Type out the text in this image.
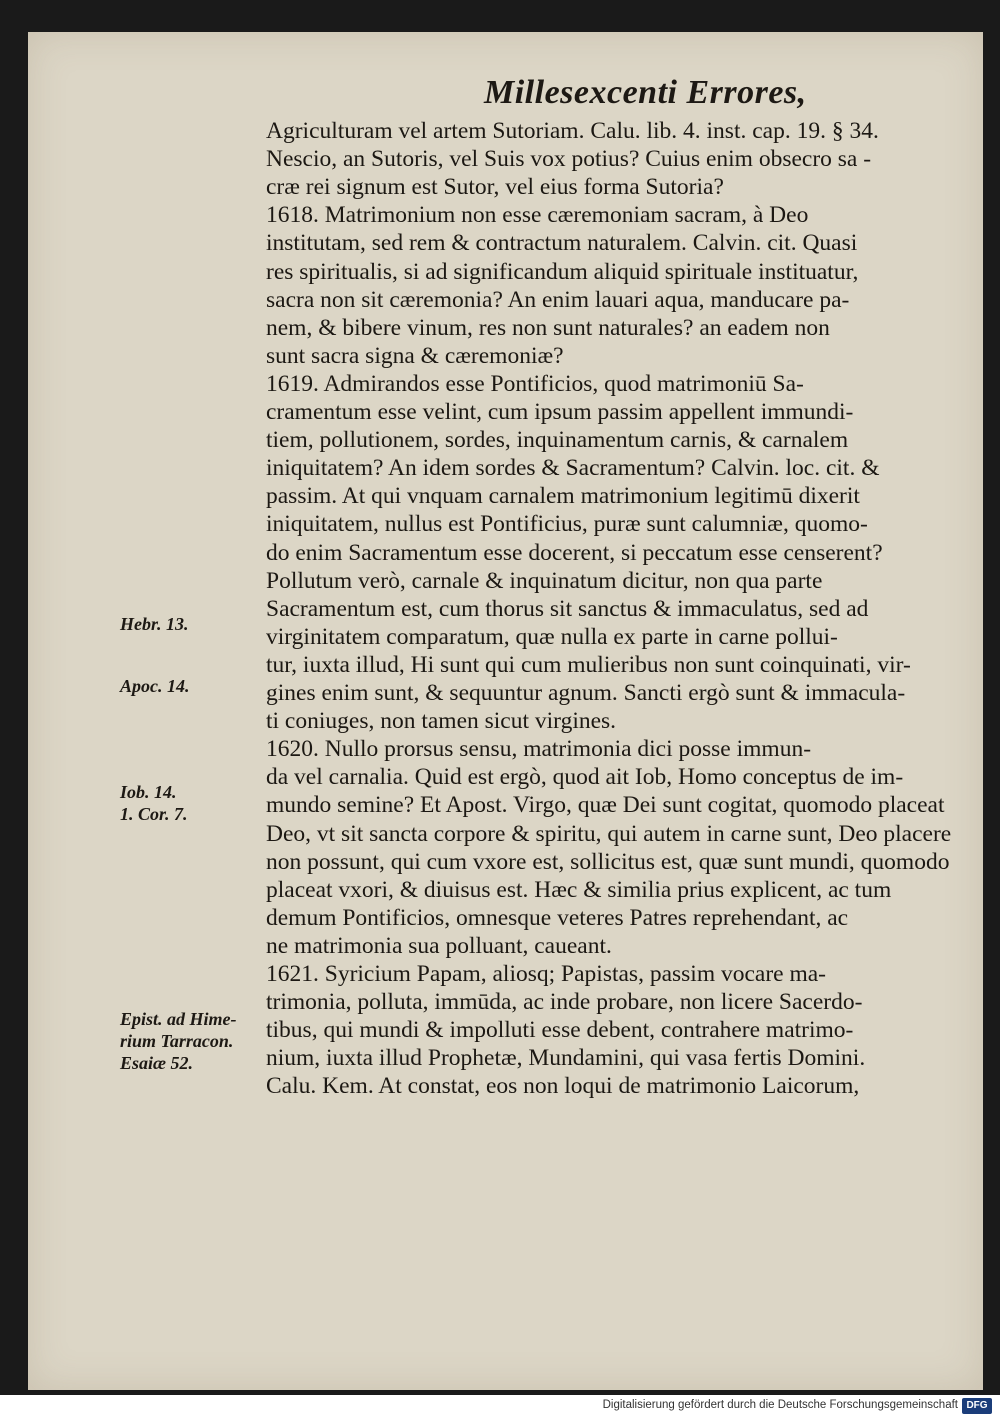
Millesexcenti Errores,
Agriculturam vel artem Sutoriam. Calu. lib. 4. inst. cap. 19. § 34.
Nescio, an Sutoris, vel Suis vox potius? Cuius enim obsecro sa -
cræ rei signum est Sutor, vel eius forma Sutoria?
1618. Matrimonium non esse cæremoniam sacram, à Deo
institutam, sed rem & contractum naturalem. Calvin. cit. Quasi
res spiritualis, si ad significandum aliquid spirituale instituatur,
sacra non sit cæremonia? An enim lauari aqua, manducare pa-
nem, & bibere vinum, res non sunt naturales? an eadem non
sunt sacra signa & cæremoniæ?
1619. Admirandos esse Pontificios, quod matrimoniū Sa-
cramentum esse velint, cum ipsum passim appellent immundi-
tiem, pollutionem, sordes, inquinamentum carnis, & carnalem
iniquitatem? An idem sordes & Sacramentum? Calvin. loc. cit. &
passim. At qui vnquam carnalem matrimonium legitimū dixerit
iniquitatem, nullus est Pontificius, puræ sunt calumniæ, quomo-
do enim Sacramentum esse docerent, si peccatum esse censerent?
Pollutum verò, carnale & inquinatum dicitur, non qua parte
Sacramentum est, cum thorus sit sanctus & immaculatus, sed ad
virginitatem comparatum, quæ nulla ex parte in carne pollui-
tur, iuxta illud, Hi sunt qui cum mulieribus non sunt coinquinati, vir-
gines enim sunt, & sequuntur agnum. Sancti ergò sunt & immacula-
ti coniuges, non tamen sicut virgines.
1620. Nullo prorsus sensu, matrimonia dici posse immun-
da vel carnalia. Quid est ergò, quod ait Iob, Homo conceptus de im-
mundo semine? Et Apost. Virgo, quæ Dei sunt cogitat, quomodo placeat
Deo, vt sit sancta corpore & spiritu, qui autem in carne sunt, Deo placere
non possunt, qui cum vxore est, sollicitus est, quæ sunt mundi, quomodo
placeat vxori, & diuisus est. Hæc & similia prius explicent, ac tum
demum Pontificios, omnesque veteres Patres reprehendant, ac
ne matrimonia sua polluant, caueant.
1621. Syricium Papam, aliosq; Papistas, passim vocare ma-
trimonia, polluta, immūda, ac inde probare, non licere Sacerdo-
tibus, qui mundi & impolluti esse debent, contrahere matrimo-
nium, iuxta illud Prophetæ, Mundamini, qui vasa fertis Domini.
Calu. Kem. At constat, eos non loqui de matrimonio Laicorum,
Hebr. 13.
Apoc. 14.
Iob. 14.
1. Cor. 7.
Epist. ad Hime-
rium Tarracon.
Esaiæ 52.
Digitalisierung gefördert durch die Deutsche Forschungsgemeinschaft DFG
